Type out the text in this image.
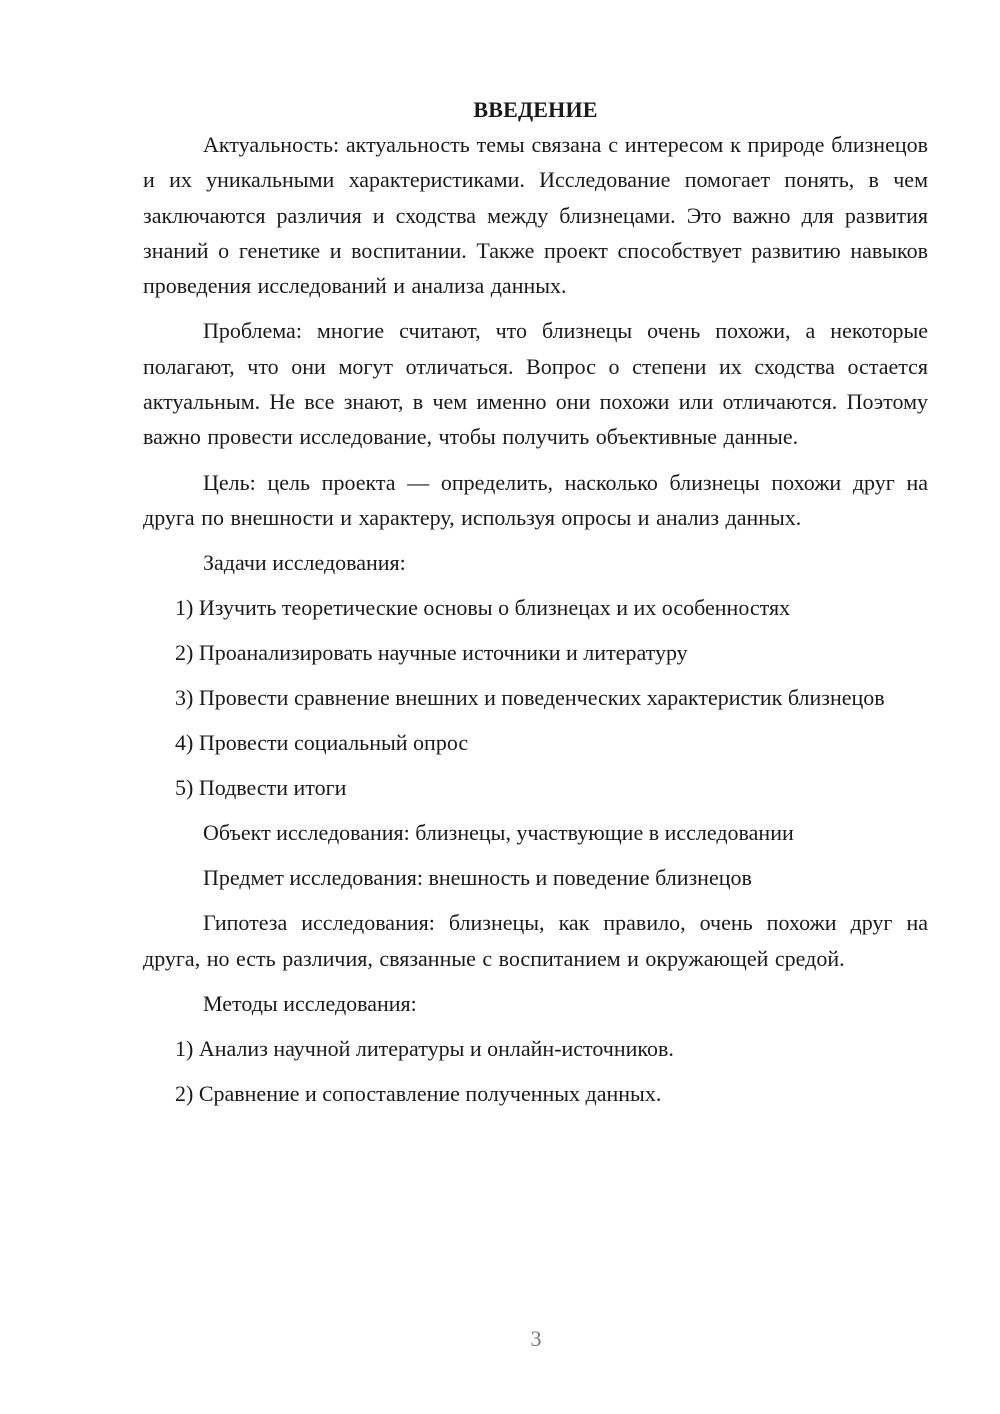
ВВЕДЕНИЕ

Актуальность: актуальность темы связана с интересом к природе близнецов и их уникальными характеристиками. Исследование помогает понять, в чем заключаются различия и сходства между близнецами. Это важно для развития знаний о генетике и воспитании. Также проект способствует развитию навыков проведения исследований и анализа данных.

Проблема: многие считают, что близнецы очень похожи, а некоторые полагают, что они могут отличаться. Вопрос о степени их сходства остается актуальным. Не все знают, в чем именно они похожи или отличаются. Поэтому важно провести исследование, чтобы получить объективные данные.

Цель: цель проекта — определить, насколько близнецы похожи друг на друга по внешности и характеру, используя опросы и анализ данных.

Задачи исследования:

1) Изучить теоретические основы о близнецах и их особенностях

2) Проанализировать научные источники и литературу

3) Провести сравнение внешних и поведенческих характеристик близнецов

4) Провести социальный опрос

5) Подвести итоги

Объект исследования: близнецы, участвующие в исследовании

Предмет исследования: внешность и поведение близнецов

Гипотеза исследования: близнецы, как правило, очень похожи друг на друга, но есть различия, связанные с воспитанием и окружающей средой.

Методы исследования:

1) Анализ научной литературы и онлайн-источников.

2) Сравнение и сопоставление полученных данных.

3
